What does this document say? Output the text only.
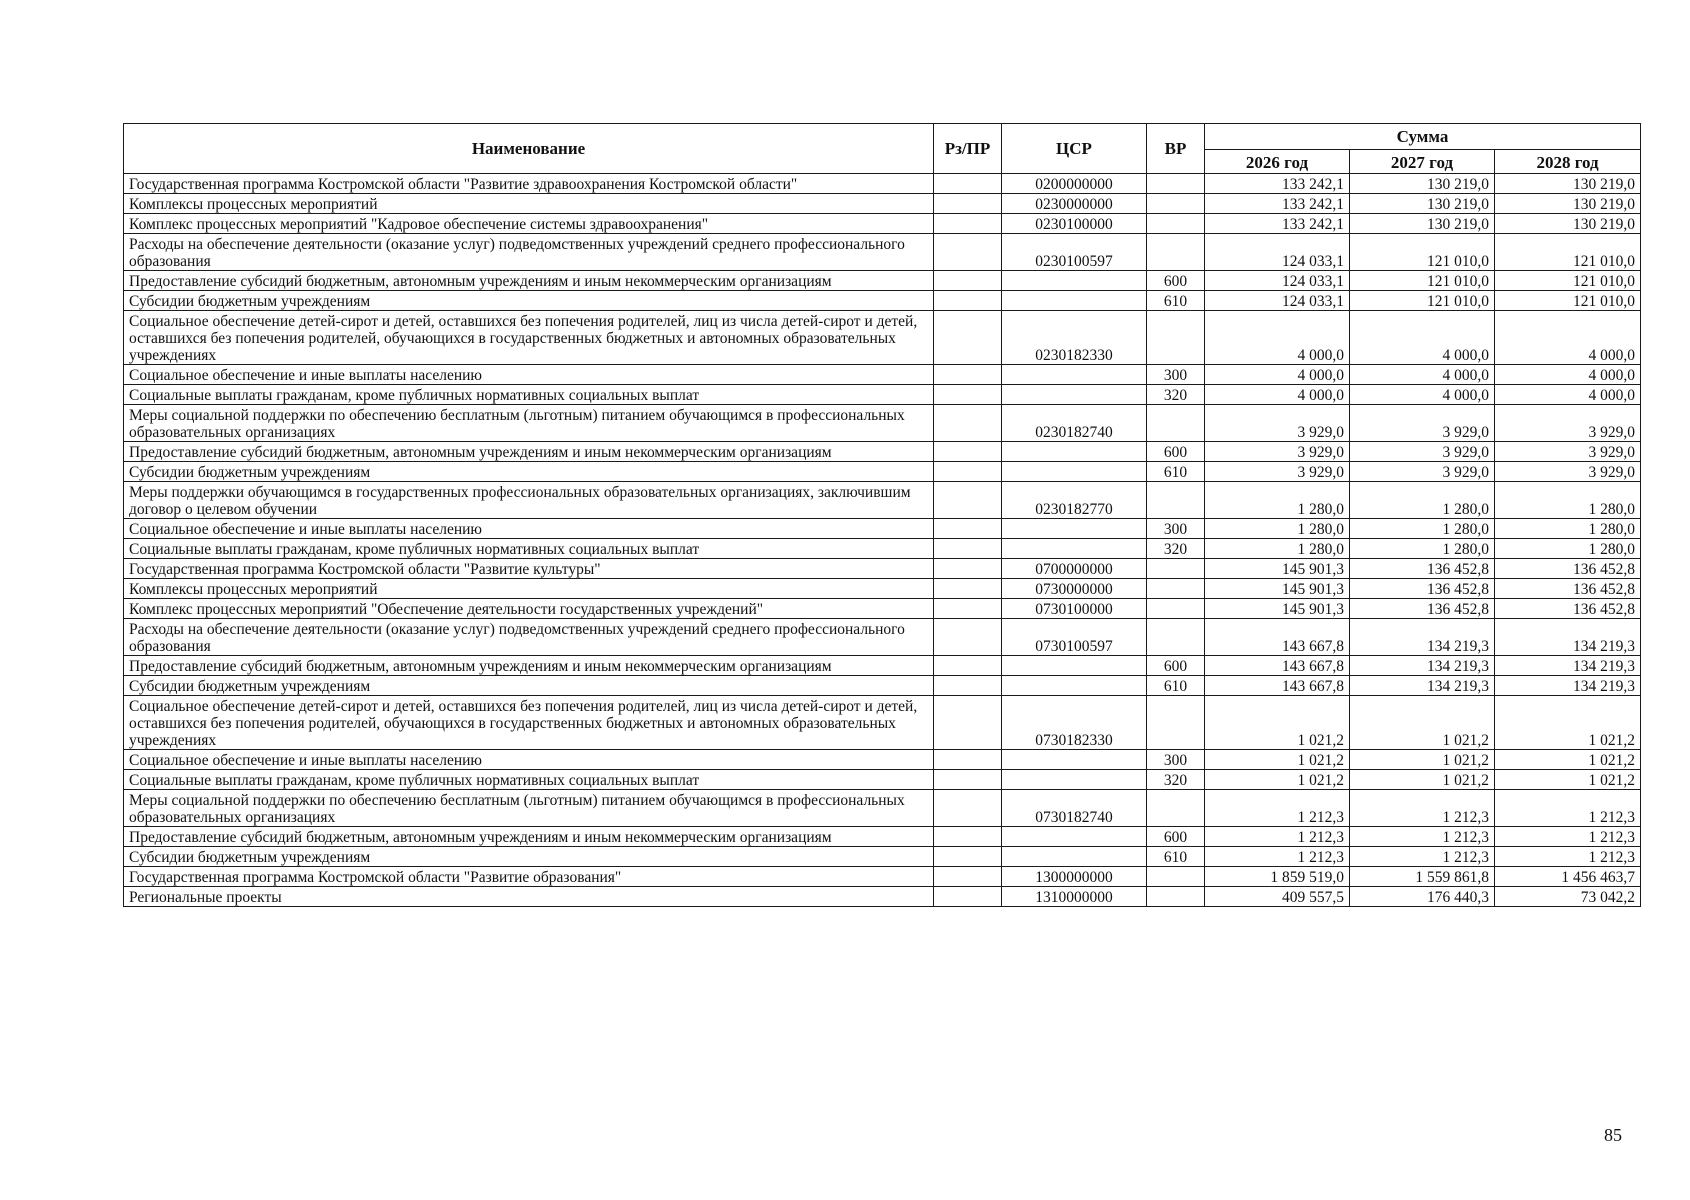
Наименование	Рз/ПР	ЦСР	ВР	Сумма		
				2026 год	2027 год	2028 год
Государственная программа Костромской области "Развитие здравоохранения Костромской области"		0200000000		133 242,1	130 219,0	130 219,0
Комплексы процессных мероприятий		0230000000		133 242,1	130 219,0	130 219,0
Комплекс процессных мероприятий "Кадровое обеспечение системы здравоохранения"		0230100000		133 242,1	130 219,0	130 219,0
Расходы на обеспечение деятельности (оказание услуг) подведомственных учреждений среднего профессионального образования		0230100597		124 033,1	121 010,0	121 010,0
Предоставление субсидий бюджетным, автономным учреждениям и иным некоммерческим организациям			600	124 033,1	121 010,0	121 010,0
Субсидии бюджетным учреждениям			610	124 033,1	121 010,0	121 010,0
Социальное обеспечение детей-сирот и детей, оставшихся без попечения родителей, лиц из числа детей-сирот и детей, оставшихся без попечения родителей, обучающихся в государственных бюджетных и автономных образовательных учреждениях		0230182330		4 000,0	4 000,0	4 000,0
Социальное обеспечение и иные выплаты населению			300	4 000,0	4 000,0	4 000,0
Социальные выплаты гражданам, кроме публичных нормативных социальных выплат			320	4 000,0	4 000,0	4 000,0
Меры социальной поддержки по обеспечению бесплатным (льготным) питанием обучающимся в профессиональных образовательных организациях		0230182740		3 929,0	3 929,0	3 929,0
Предоставление субсидий бюджетным, автономным учреждениям и иным некоммерческим организациям			600	3 929,0	3 929,0	3 929,0
Субсидии бюджетным учреждениям			610	3 929,0	3 929,0	3 929,0
Меры поддержки обучающимся в государственных профессиональных образовательных организациях, заключившим договор о целевом обучении		0230182770		1 280,0	1 280,0	1 280,0
Социальное обеспечение и иные выплаты населению			300	1 280,0	1 280,0	1 280,0
Социальные выплаты гражданам, кроме публичных нормативных социальных выплат			320	1 280,0	1 280,0	1 280,0
Государственная программа Костромской области "Развитие культуры"		0700000000		145 901,3	136 452,8	136 452,8
Комплексы процессных мероприятий		0730000000		145 901,3	136 452,8	136 452,8
Комплекс процессных мероприятий "Обеспечение деятельности государственных учреждений"		0730100000		145 901,3	136 452,8	136 452,8
Расходы на обеспечение деятельности (оказание услуг) подведомственных учреждений среднего профессионального образования		0730100597		143 667,8	134 219,3	134 219,3
Предоставление субсидий бюджетным, автономным учреждениям и иным некоммерческим организациям			600	143 667,8	134 219,3	134 219,3
Субсидии бюджетным учреждениям			610	143 667,8	134 219,3	134 219,3
Социальное обеспечение детей-сирот и детей, оставшихся без попечения родителей, лиц из числа детей-сирот и детей, оставшихся без попечения родителей, обучающихся в государственных бюджетных и автономных образовательных учреждениях		0730182330		1 021,2	1 021,2	1 021,2
Социальное обеспечение и иные выплаты населению			300	1 021,2	1 021,2	1 021,2
Социальные выплаты гражданам, кроме публичных нормативных социальных выплат			320	1 021,2	1 021,2	1 021,2
Меры социальной поддержки по обеспечению бесплатным (льготным) питанием обучающимся в профессиональных образовательных организациях		0730182740		1 212,3	1 212,3	1 212,3
Предоставление субсидий бюджетным, автономным учреждениям и иным некоммерческим организациям			600	1 212,3	1 212,3	1 212,3
Субсидии бюджетным учреждениям			610	1 212,3	1 212,3	1 212,3
Государственная программа Костромской области "Развитие образования"		1300000000		1 859 519,0	1 559 861,8	1 456 463,7
Региональные проекты		1310000000		409 557,5	176 440,3	73 042,2
85
